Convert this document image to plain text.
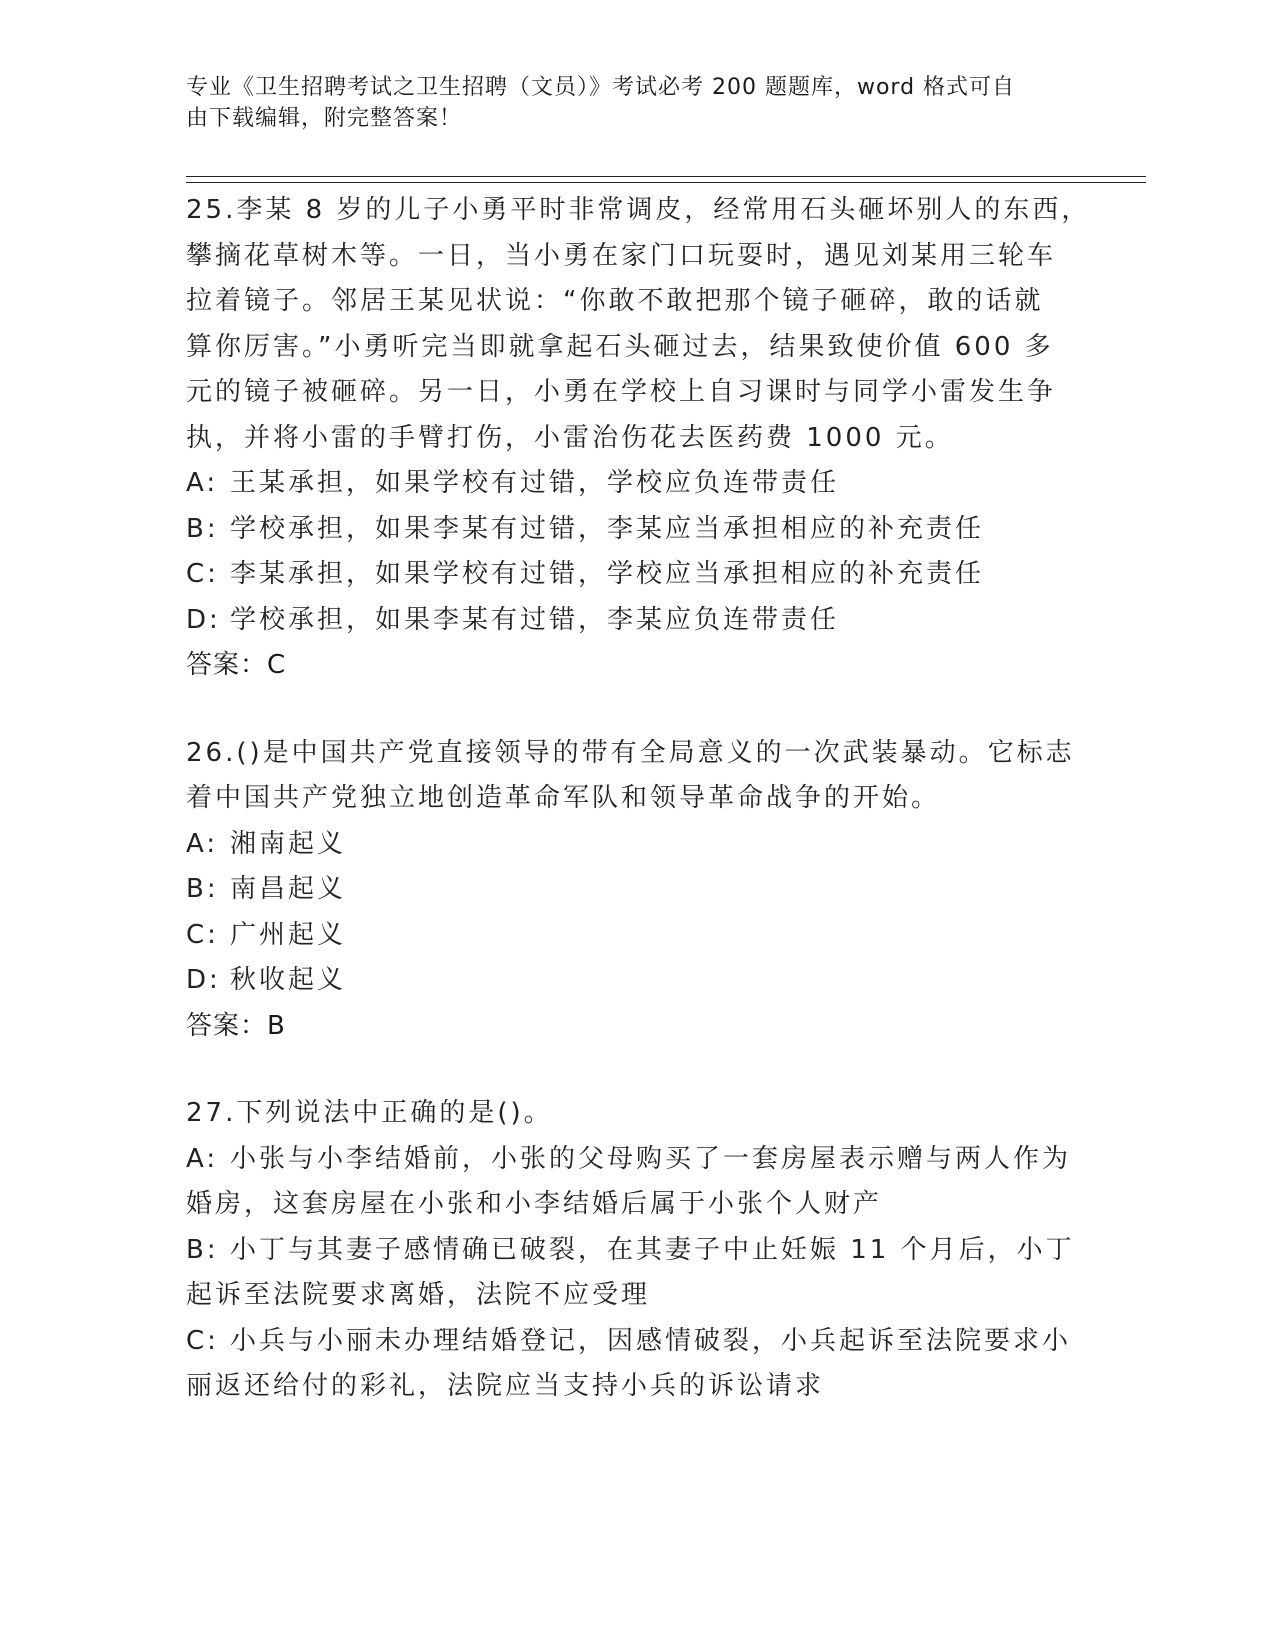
专业《卫生招聘考试之卫生招聘（文员）》考试必考 200 题题库，word 格式可自
由下载编辑，附完整答案！
25.李某 8 岁的儿子小勇平时非常调皮，经常用石头砸坏别人的东西，
攀摘花草树木等。一日，当小勇在家门口玩耍时，遇见刘某用三轮车
拉着镜子。邻居王某见状说：“你敢不敢把那个镜子砸碎，敢的话就
算你厉害。”小勇听完当即就拿起石头砸过去，结果致使价值 600 多
元的镜子被砸碎。另一日，小勇在学校上自习课时与同学小雷发生争
执，并将小雷的手臂打伤，小雷治伤花去医药费 1000 元。
A: 王某承担，如果学校有过错，学校应负连带责任
B: 学校承担，如果李某有过错，李某应当承担相应的补充责任
C: 李某承担，如果学校有过错，学校应当承担相应的补充责任
D: 学校承担，如果李某有过错，李某应负连带责任
答案：C
26.()是中国共产党直接领导的带有全局意义的一次武装暴动。它标志
着中国共产党独立地创造革命军队和领导革命战争的开始。
A: 湘南起义
B: 南昌起义
C: 广州起义
D: 秋收起义
答案：B
27.下列说法中正确的是()。
A: 小张与小李结婚前，小张的父母购买了一套房屋表示赠与两人作为
婚房，这套房屋在小张和小李结婚后属于小张个人财产
B: 小丁与其妻子感情确已破裂，在其妻子中止妊娠 11 个月后，小丁
起诉至法院要求离婚，法院不应受理
C: 小兵与小丽未办理结婚登记，因感情破裂，小兵起诉至法院要求小
丽返还给付的彩礼，法院应当支持小兵的诉讼请求
